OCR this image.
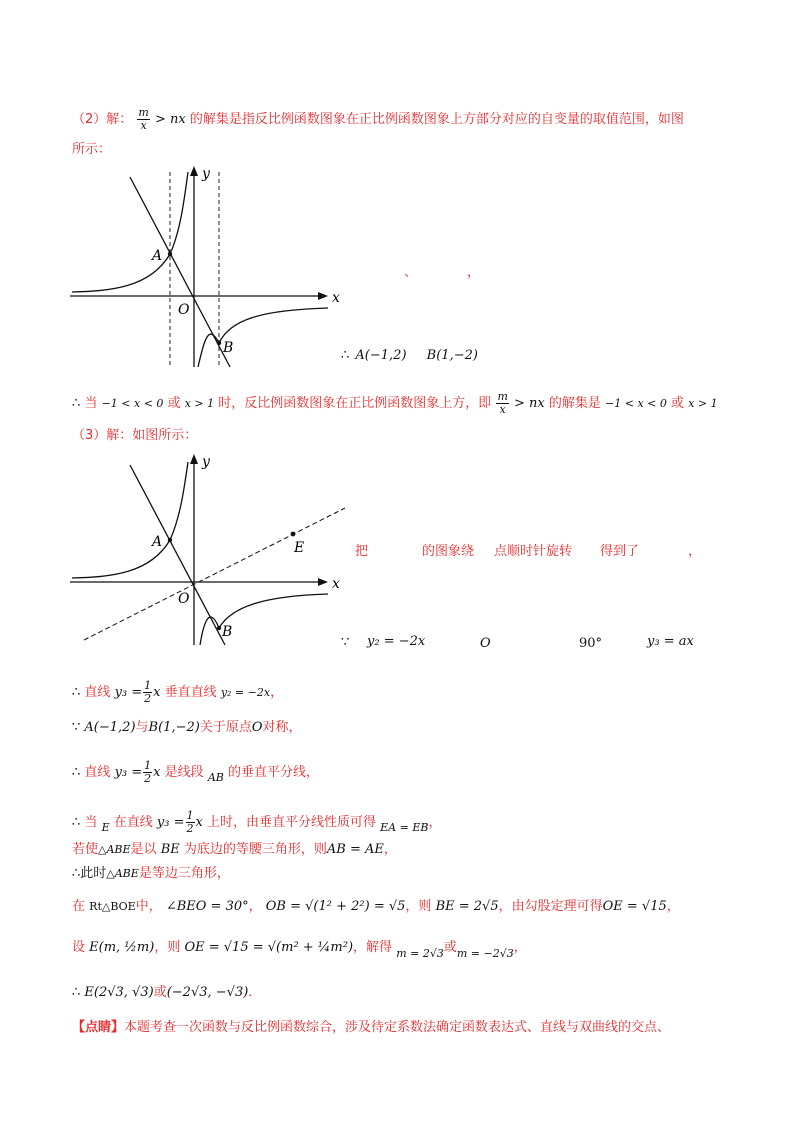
（2）解： $\frac{m}{x}$ > nx 的解集是指反比例函数图象在正比例函数图象上方部分对应的自变量的取值范围，如图
所示：
y
x
O
A
B
、	，
∴ A(−1,2) B(1,−2)
∴ 当 −1 < x < 0 或 x > 1 时，反比例函数图象在正比例函数图象上方，即 $\frac{m}{x}$ > nx 的解集是 −1 < x < 0 或 x > 1
（3）解：如图所示：
y
x
O
A
B
E	把	的图象绕 点顺时针旋转 得到了	，
∵ y₂ = −2x	O	90°	y₃ = ax
∴ 直线 $y_3 = \frac{1}{2}$ x 垂直直线 y₂ = −2x，
∵ A(−1,2)与B(1,−2)关于原点O对称，
∴ 直线 $y_3 = \frac{1}{2}$ x 是线段 $_{AB}$ 的垂直平分线，
∴ 当 $_E$ 在直线 $y_3 = \frac{1}{2}$ x 上时，由垂直平分线性质可得 $_{EA = EB}$，
若使△ABE是以 BE 为底边的等腰三角形，则AB = AE，
∴此时△ABE是等边三角形，
在 Rt△BOE中， ∠BEO = 30°， OB = √(1² + 2²) = √5，则 BE = 2√5，由勾股定理可得OE = √15，
设 E(m, ½m)，则 OE = √15 = √(m² + ¼m²)，解得 $_{m = 2√3}$或$_{m = -2√3}$，
∴ E(2√3, √3)或(−2√3, −√3)．
【点睛】本题考查一次函数与反比例函数综合，涉及待定系数法确定函数表达式、直线与双曲线的交点、
